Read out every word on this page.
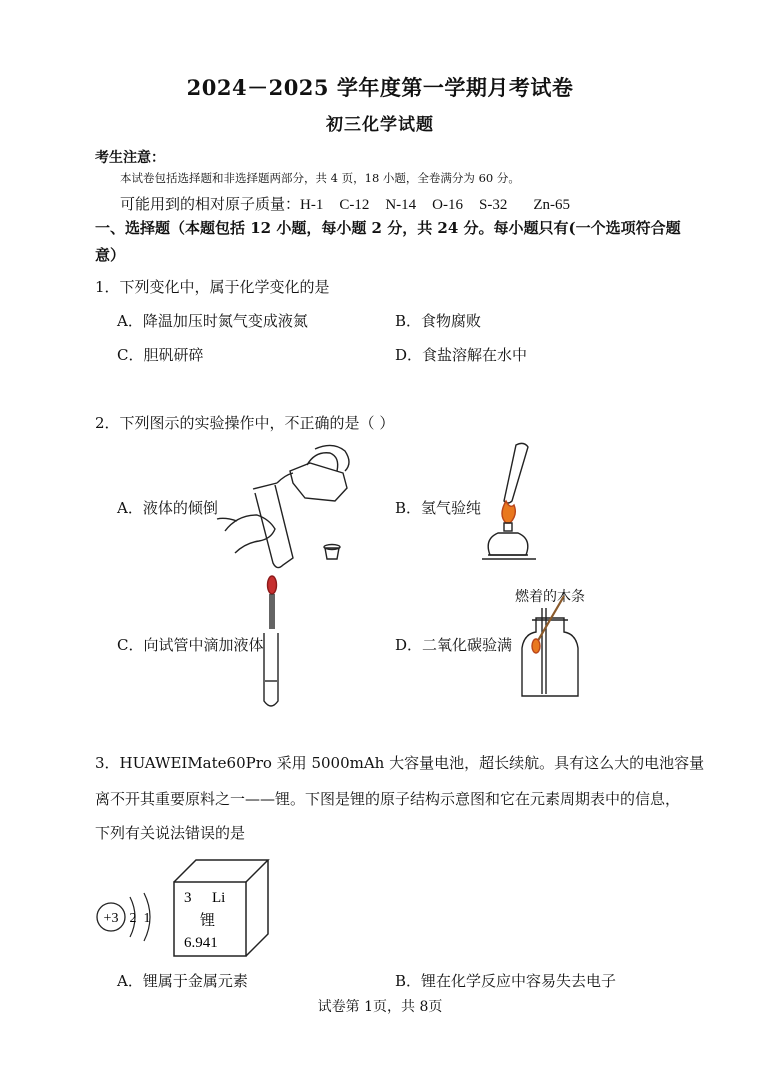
2024－2025 学年度第一学期月考试卷
初三化学试题
考生注意：
本试卷包括选择题和非选择题两部分，共 4 页，18 小题，全卷满分为 60 分。
可能用到的相对原子质量：H-1 C-12 N-14 O-16 S-32 Zn-65
一、选择题（本题包括 12 小题，每小题 2 分，共 24 分。每小题只有(一个选项符合题
意）
1．下列变化中，属于化学变化的是
A．降温加压时氮气变成液氮	B．食物腐败
C．胆矾研碎	D．食盐溶解在水中
2．下列图示的实验操作中，不正确的是（ ）
A．液体的倾倒	B．氢气验纯
C．向试管中滴加液体	D．二氧化碳验满
燃着的木条
3．HUAWEIMate60Pro 采用 5000mAh 大容量电池，超长续航。具有这么大的电池容量
离不开其重要原料之一——锂。下图是锂的原子结构示意图和它在元素周期表中的信息，
下列有关说法错误的是
+3 2 1
3 Li
锂
6.941
A．锂属于金属元素	B．锂在化学反应中容易失去电子
试卷第 1页，共 8页
